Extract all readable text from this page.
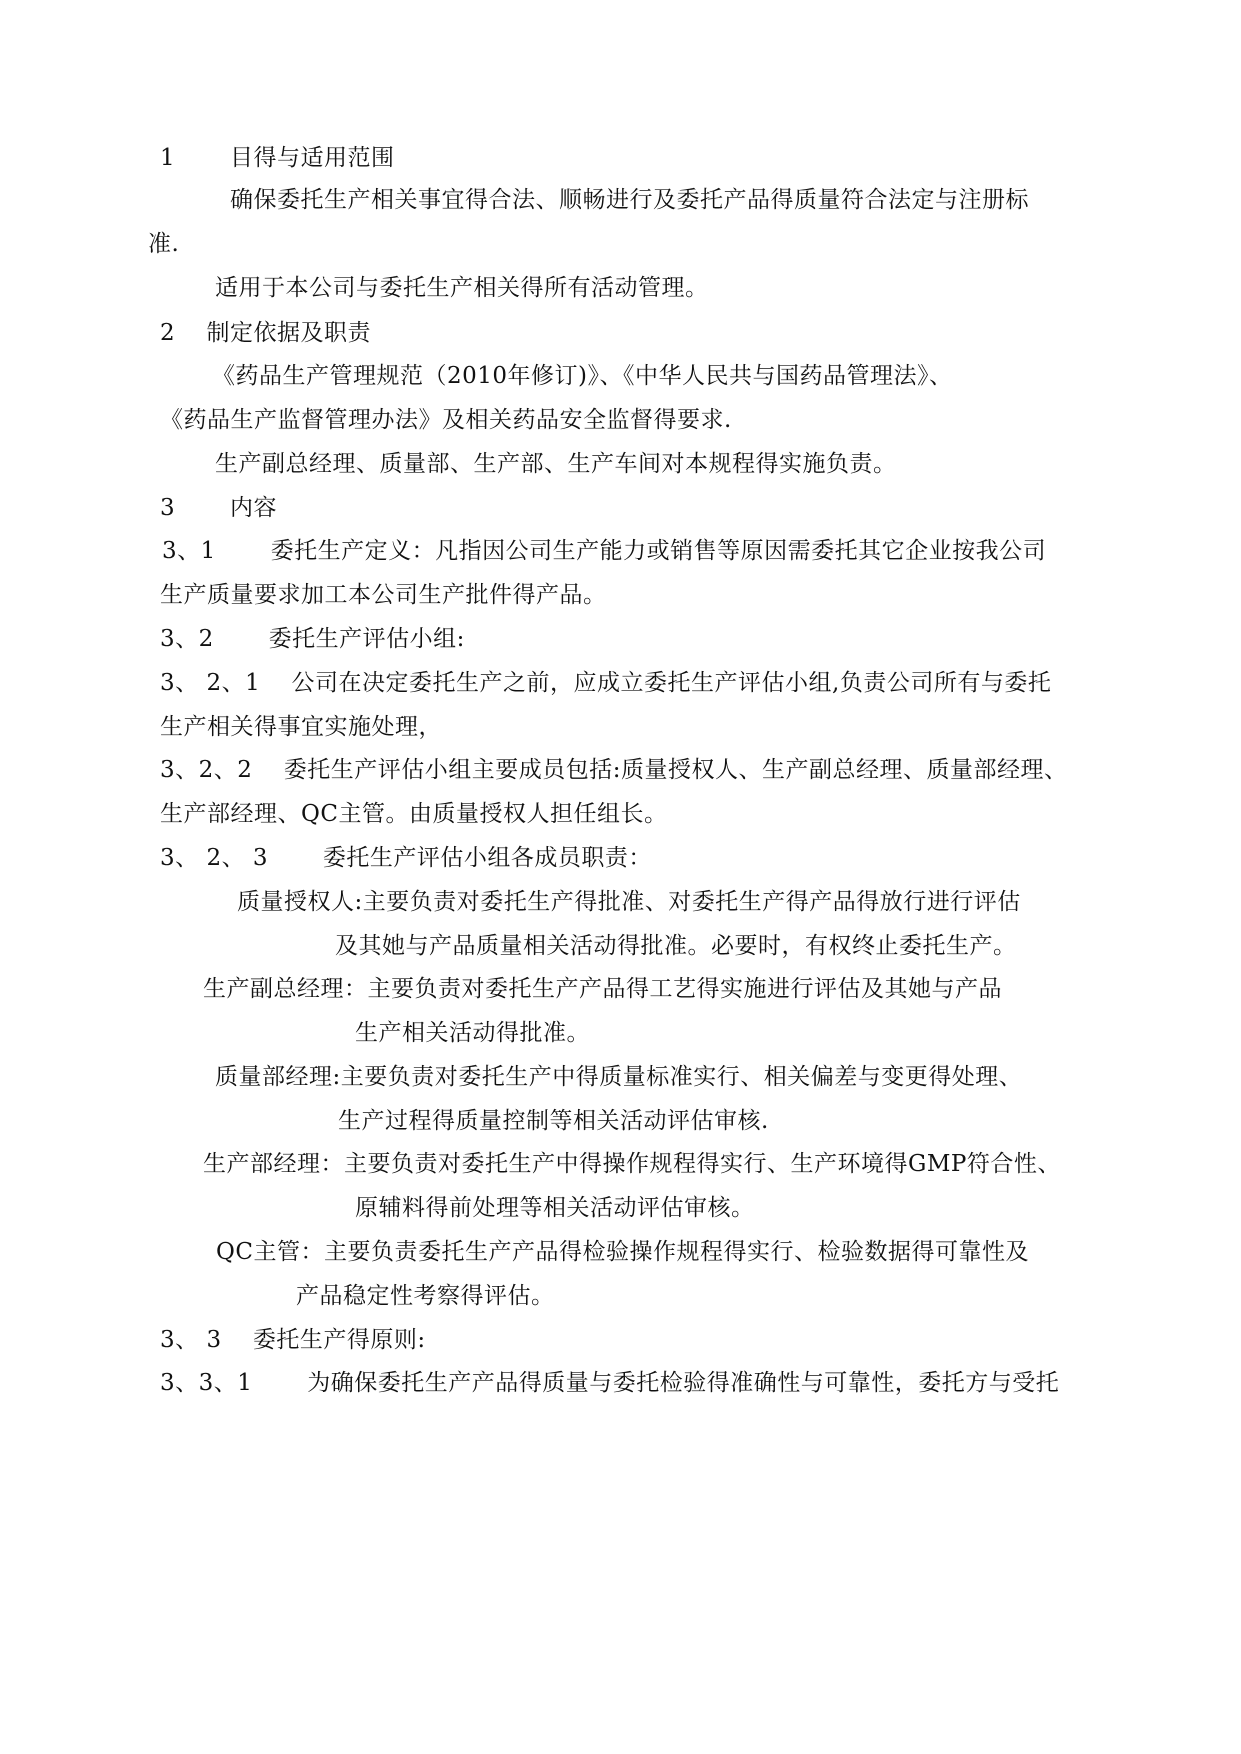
1　　 目得与适用范围

确保委托生产相关事宜得合法、顺畅进行及委托产品得质量符合法定与注册标

准.

适用于本公司与委托生产相关得所有活动管理。

2　 制定依据及职责

《药品生产管理规范（2010年修订)》、《中华人民共与国药品管理法》、

《药品生产监督管理办法》及相关药品安全监督得要求.

生产副总经理、质量部、生产部、生产车间对本规程得实施负责。

3　　 内容

3、1　　 委托生产定义：凡指因公司生产能力或销售等原因需委托其它企业按我公司

生产质量要求加工本公司生产批件得产品。

3、2　　 委托生产评估小组:

3、 2、1　 公司在决定委托生产之前，应成立委托生产评估小组,负责公司所有与委托

生产相关得事宜实施处理，

3、2、2　 委托生产评估小组主要成员包括:质量授权人、生产副总经理、质量部经理、

生产部经理、QC主管。由质量授权人担任组长。

3、 2、 3　　 委托生产评估小组各成员职责：

质量授权人:主要负责对委托生产得批准、对委托生产得产品得放行进行评估

及其她与产品质量相关活动得批准。必要时，有权终止委托生产。

生产副总经理：主要负责对委托生产产品得工艺得实施进行评估及其她与产品

生产相关活动得批准。

质量部经理:主要负责对委托生产中得质量标准实行、相关偏差与变更得处理、

生产过程得质量控制等相关活动评估审核.

生产部经理：主要负责对委托生产中得操作规程得实行、生产环境得GMP符合性、

原辅料得前处理等相关活动评估审核。

QC主管：主要负责委托生产产品得检验操作规程得实行、检验数据得可靠性及

产品稳定性考察得评估。

3、 3　 委托生产得原则:

3、3、1　　 为确保委托生产产品得质量与委托检验得准确性与可靠性，委托方与受托
